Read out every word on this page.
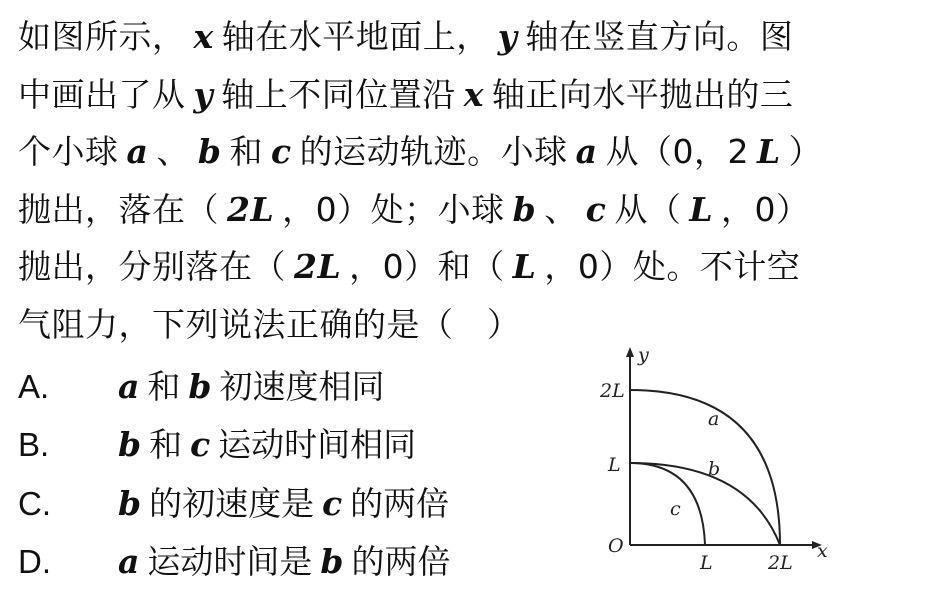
如图所示， x 轴在水平地面上， y 轴在竖直方向。图
中画出了从 y 轴上不同位置沿 x 轴正向水平抛出的三
个小球 a 、 b 和 c 的运动轨迹。小球 a 从（0，2 L ）
抛出，落在（ 2L ，0）处；小球 b 、 c 从（ L ，0）
抛出，分别落在（ 2L ，0）和（ L ，0）处。不计空
气阻力，下列说法正确的是（　）
A. a 和 b 初速度相同
B. b 和 c 运动时间相同
C. b 的初速度是 c 的两倍
D. a 运动时间是 b 的两倍
y
x
O
2L
L
L	2L
a
b
c
